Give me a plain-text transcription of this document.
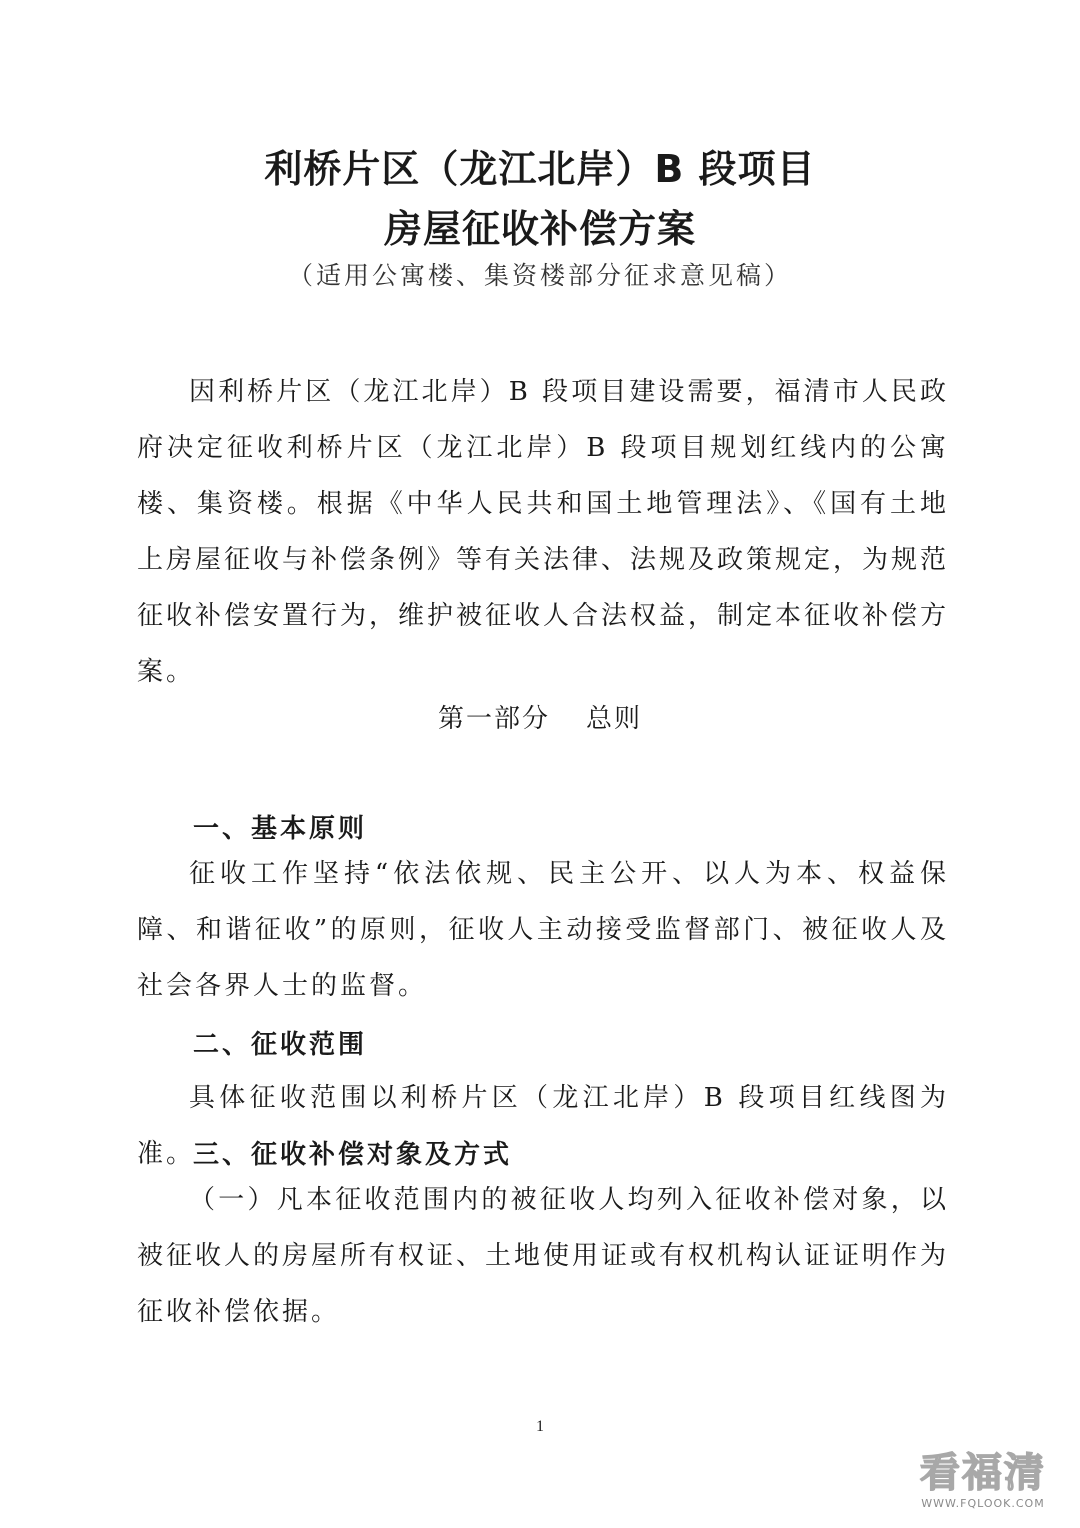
利桥片区（龙江北岸）B 段项目
房屋征收补偿方案
（适用公寓楼、集资楼部分征求意见稿）

因利桥片区（龙江北岸）B 段项目建设需要，福清市人民政府决定征收利桥片区（龙江北岸）B 段项目规划红线内的公寓楼、集资楼。根据《中华人民共和国土地管理法》、《国有土地上房屋征收与补偿条例》等有关法律、法规及政策规定，为规范征收补偿安置行为，维护被征收人合法权益，制定本征收补偿方案。

第一部分 总则
一、基本原则

征收工作坚持“依法依规、民主公开、以人为本、权益保障、和谐征收”的原则，征收人主动接受监督部门、被征收人及社会各界人士的监督。

二、征收范围

具体征收范围以利桥片区（龙江北岸）B 段项目红线图为准。

三、征收补偿对象及方式

（一）凡本征收范围内的被征收人均列入征收补偿对象，以被征收人的房屋所有权证、土地使用证或有权机构认证证明作为征收补偿依据。

1
看福清
WWW.FQLOOK.COM
